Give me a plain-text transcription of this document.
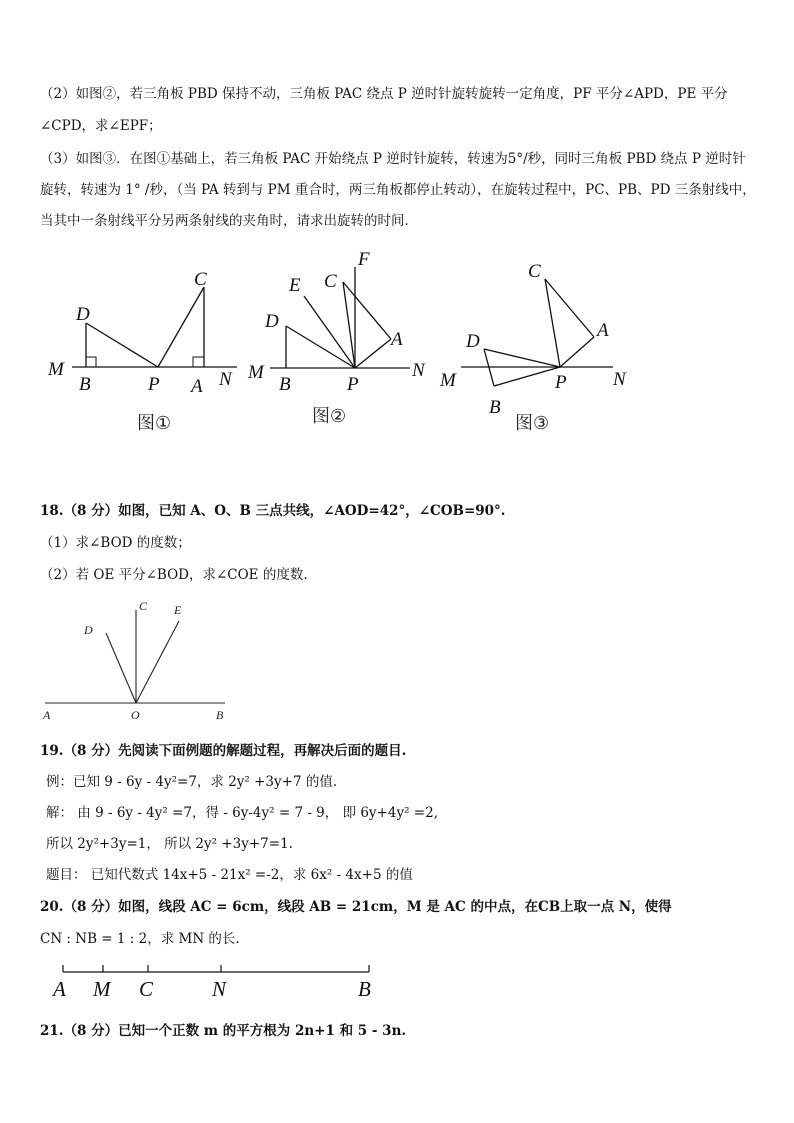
（2）如图②，若三角板 PBD 保持不动，三角板 PAC 绕点 P 逆时针旋转旋转一定角度，PF 平分∠APD，PE 平分
∠CPD，求∠EPF；
（3）如图③．在图①基础上，若三角板 PAC 开始绕点 P 逆时针旋转，转速为5°/秒，同时三角板 PBD 绕点 P 逆时针
旋转，转速为 1° /秒，（当 PA 转到与 PM 重合时，两三角板都停止转动），在旋转过程中，PC、PB、PD 三条射线中，
当其中一条射线平分另两条射线的夹角时，请求出旋转的时间．
M
B	P A N
D
C
图①
M
B	P
N
D
E C
F
A
图②
M	P N
D
B
C
A
图③
18.（8 分）如图，已知 A、O、B 三点共线，∠AOD=42°，∠COB=90°.
（1）求∠BOD 的度数；
（2）若 OE 平分∠BOD，求∠COE 的度数.
A	O	B
C
D
E
19.（8 分）先阅读下面例题的解题过程，再解决后面的题目.
例：已知 9 - 6y - 4y²=7，求 2y² +3y+7 的值.
解： 由 9 - 6y - 4y² =7，得 - 6y-4y² = 7 - 9， 即 6y+4y² =2,
所以 2y²+3y=1， 所以 2y² +3y+7=1.
题目： 已知代数式 14x+5 - 21x² =-2，求 6x² - 4x+5 的值
20.（8 分）如图，线段 AC = 6cm，线段 AB = 21cm，M 是 AC 的中点，在CB上取一点 N，使得
CN : NB = 1 : 2，求 MN 的长.
A M C	N	B
21.（8 分）已知一个正数 m 的平方根为 2n+1 和 5 - 3n.
